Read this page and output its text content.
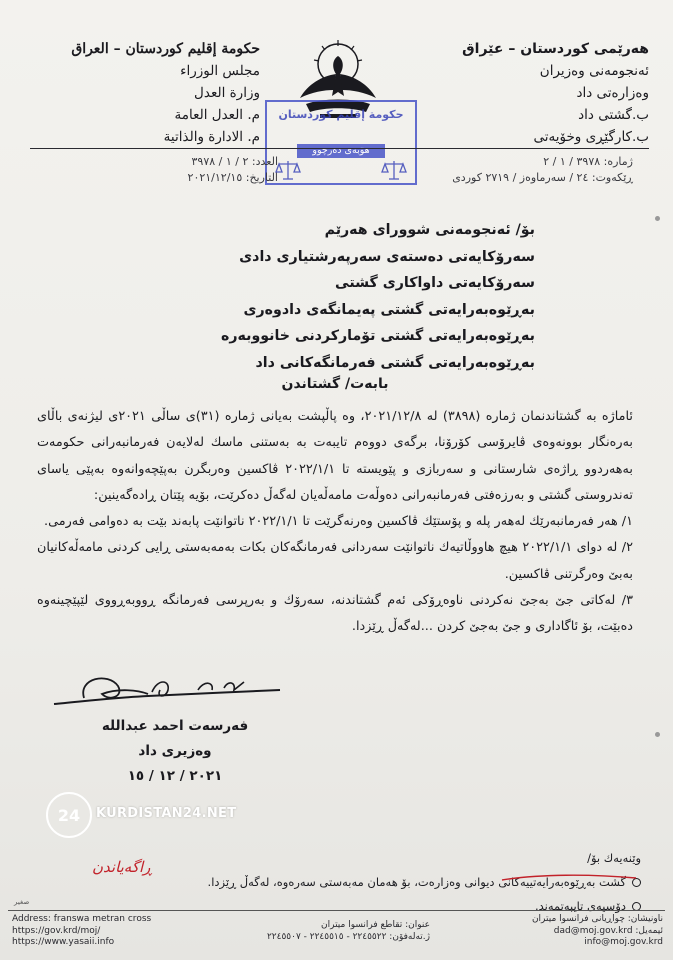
هەرێمی كوردستان – عێراق
ئەنجومەنی وەزیران
وەزارەتی داد
ب.گشتی داد
ب.كارگێڕی وخۆیەتی
حكومة إقليم كوردستان – العراق
مجلس الوزراء
وزارة العدل
م. العدل العامة
م. الادارة والذاتية
حكومة إقليم كوردستان
هۆبەی دەرچوو
ژمارە: ٣٩٧٨ / ١ / ٢
ڕێكەوت: ٢٤ / سەرماوەز / ٢٧١٩ كوردی
العدد: ٢ / ١ / ٣٩٧٨
التاريخ: ٢٠٢١/١٢/١٥
بۆ/ ئەنجومەنی شووراى هەرێم
سەرۆكایەتی دەستەی سەرپەرشتیاری دادی
سەرۆكایەتی داواكاری گشتی
بەڕێوەبەرایەتی گشتی پەیمانگەی دادوەری
بەڕێوەبەرایەتی گشتی تۆماركردنی خانووبەرە
بەڕێوەبەرایەتی گشتی فەرمانگەكانی داد
بابەت/ گشتاندن

ئاماژە بە گشتاندنمان ژمارە (٣٨٩٨) لە ٢٠٢١/١٢/٨، وە پاڵپشت بەیانی ژمارە (٣١)ی ساڵی ٢٠٢١ی لیژنەی باڵای بەرەنگار بوونەوەی ڤایرۆسی كۆرۆنا، برگەی دووەم تایبەت بە بەستنی ماسك لەلایەن فەرمانبەرانی حكومەت بەهەردوو ڕاژەی شارستانی و سەربازی و پێویستە تا ٢٠٢٢/١/١ ڤاكسین وەربگرن بەپێچەوانەوە بەپێی یاسای تەندروستی گشتی و بەرزەفتی فەرمانبەرانی دەوڵەت مامەڵەیان لەگەڵ دەكرێت، بۆیە پێتان ڕادەگەینین:

١/ هەر فەرمانبەرێك لەهەر پلە و پۆستێك ڤاكسین وەرنەگرێت تا ٢٠٢٢/١/١ ناتوانێت پابەند بێت بە دەوامی فەرمی.

٢/ لە دوای ٢٠٢٢/١/١ هیچ هاووڵاتیەك ناتوانێت سەردانی فەرمانگەكان بكات بەمەبەستی ڕایی كردنی مامەڵەكانیان بەبێ وەرگرتنی ڤاكسین.

٣/ لەكاتی جێ بەجێ نەكردنی ناوەڕۆكی ئەم گشتاندنە، سەرۆك و بەرپرسی فەرمانگە ڕووبەڕووی لێپێچینەوە دەبێت، بۆ ئاگاداری و جێ بەجێ كردن ...لەگەڵ ڕێزدا.

فەرسەت احمد عبدالله
وەزیری داد
٢٠٢١ / ١٢ / ١٥
24	KURDISTAN24.NET
وێنەیەك بۆ/
گشت بەڕێوەبەرایەتییەكانی دیوانی وەزارەت، بۆ هەمان مەبەستی سەرەوە، لەگەڵ ڕێزدا.
دۆسیەی تایبەتمەند.
ڕاگەیاندن
صغير
Address: franswa metran cross
https://gov.krd/moj/
https://www.yasaii.info
عنوان: تقاطع فرانسوا ميتران
ژ.تەلەفۆن: ٢٢٤٥٥٢٢ - ٢٢٤٥٥١٥ - ٢٢٤٥٥٠٧
ناونیشان: چواڕیانی فرانسوا میتران
ئیمەیل: dad@moj.gov.krd
info@moj.gov.krd
